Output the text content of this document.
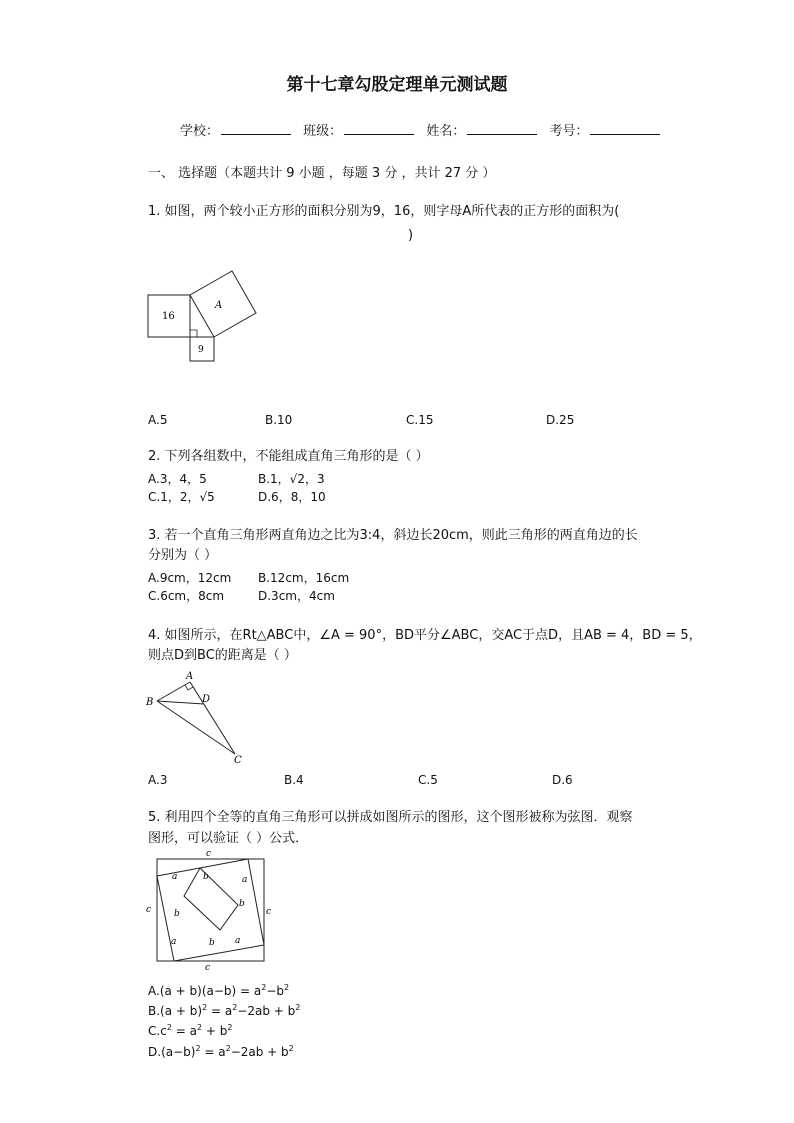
第十七章勾股定理单元测试题
学校：	班级：	姓名：	考号：
一、 选择题（本题共计 9 小题 ，每题 3 分 ，共计 27 分 ）
1. 如图，两个较小正方形的面积分别为9，16，则字母A所代表的正方形的面积为(
)
16
9
A
A.5	B.10	C.15	D.25
2. 下列各组数中，不能组成直角三角形的是（ ）
A.3，4，5	B.1，√2，3
C.1，2，√5	D.6，8，10
3. 若一个直角三角形两直角边之比为3:4，斜边长20cm，则此三角形的两直角边的长
分别为（ ）
A.9cm，12cm B.12cm，16cm
C.6cm，8cm	D.3cm，4cm
4. 如图所示，在Rt△ABC中，∠A = 90°，BD平分∠ABC，交AC于点D，且AB = 4，BD = 5，
则点D到BC的距离是（ ）
A
B	D
C
A.3	B.4	C.5	D.6
5. 利用四个全等的直角三角形可以拼成如图所示的图形，这个图形被称为弦图．观察
图形，可以验证（ ）公式．
c
c	c
c
a	b	a
b
b
a	b a
$A.(a + b)(a-b) = a^2-b^2$
$B.(a + b)^2 = a^2-2ab + b^2$
$C.c^2 = a^2 + b^2$
$D.(a-b)^2 = a^2-2ab + b^2$
